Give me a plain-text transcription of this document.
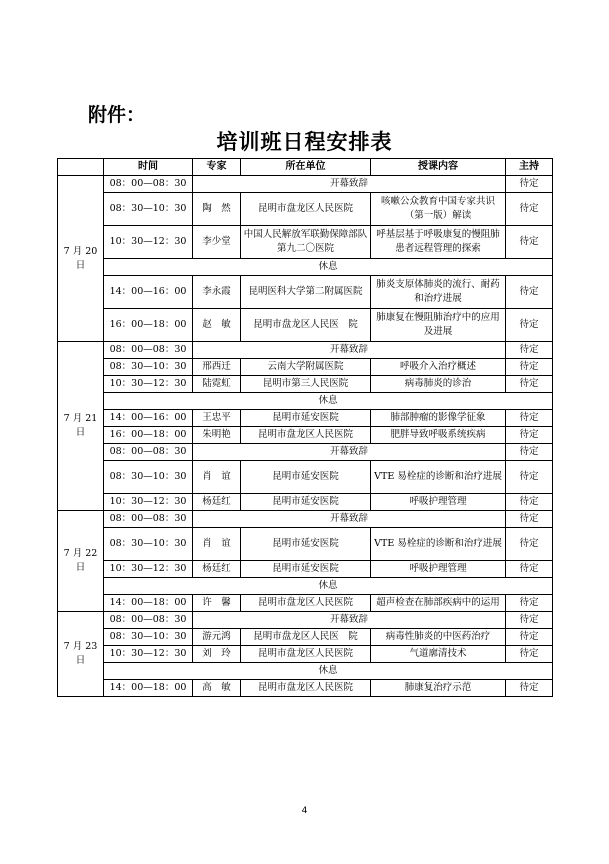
附件：
培训班日程安排表
	时间	专家	所在单位	授课内容	主持
7 月 20 日	08：00—08：30	开幕致辞			待定
	08：30—10：30	陶　然	昆明市盘龙区人民医院	咳嗽公众教育中国专家共识（第一版）解读	待定
	10：30—12：30	李少堂	中国人民解放军联勤保障部队第九二〇医院	呼基层基于呼吸康复的慢阻肺患者远程管理的探索	待定
	休息				
	14：00—16：00	李永霞	昆明医科大学第二附属医院	肺炎支原体肺炎的流行、耐药和治疗进展	待定
	16：00—18：00	赵　敏	昆明市盘龙区人民医　院	肺康复在慢阻肺治疗中的应用及进展	待定
7 月 21 日	08：00—08：30	开幕致辞			待定
	08：30—10：30	邢西迁	云南大学附属医院	呼吸介入治疗概述	待定
	10：30—12：30	陆霓虹	昆明市第三人民医院	病毒肺炎的诊治	待定
	休息				
	14：00—16：00	王忠平	昆明市延安医院	肺部肿瘤的影像学征象	待定
	16：00—18：00	朱明艳	昆明市盘龙区人民医院	肥胖导致呼吸系统疾病	待定
	08：00—08：30	开幕致辞			待定
	08：30—10：30	肖　谊	昆明市延安医院	VTE 易栓症的诊断和治疗进展	待定
	10：30—12：30	杨廷红	昆明市延安医院	呼吸护理管理	待定
7 月 22 日	08：00—08：30	开幕致辞			待定
	08：30—10：30	肖　谊	昆明市延安医院	VTE 易栓症的诊断和治疗进展	待定
	10：30—12：30	杨廷红	昆明市延安医院	呼吸护理管理	待定
	休息				
	14：00—18：00	许　馨	昆明市盘龙区人民医院	超声检查在肺部疾病中的运用	待定
7 月 23 日	08：00—08：30	开幕致辞			待定
	08：30—10：30	游元鸿	昆明市盘龙区人民医　院	病毒性肺炎的中医药治疗	待定
	10：30—12：30	刘　玲	昆明市盘龙区人民医院	气道廓清技术	待定
	休息				
	14：00—18：00	高　敏	昆明市盘龙区人民医院	肺康复治疗示范	待定
4
